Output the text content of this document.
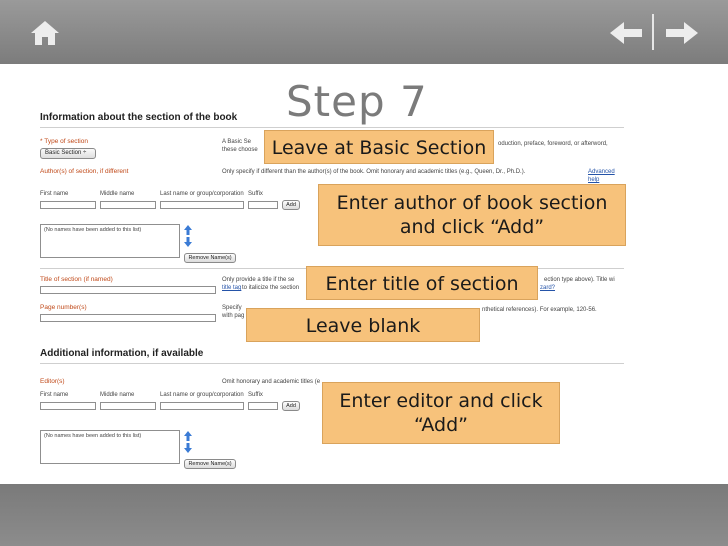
Information about the section of the book
* Type of section
Basic Section ÷
A Basic Se
these choose
oduction, preface, foreword, or afterword,
Author(s) of section, if different	Only specify if different than the author(s) of the book. Omit honorary and academic titles (e.g., Queen, Dr., Ph.D.).	Advanced help
First name	Middle name	Last name or group/corporation Suffix
Add
(No names have been added to this list)
Remove Name(s)
Title of section (if named)	Only provide a title if the se
title tag to italicize the section
ection type above). Title wi
zard?
Page number(s)	Specify
with pag
nthetical references). For example, 120-56.
Additional information, if available
Editor(s)	Omit honorary and academic titles (e
First name	Middle name	Last name or group/corporation Suffix
Add
(No names have been added to this list)
Remove Name(s)
Step 7
Leave at Basic Section
Enter author of book section
and click “Add”
Enter title of section
Leave blank
Enter editor and click
“Add”
